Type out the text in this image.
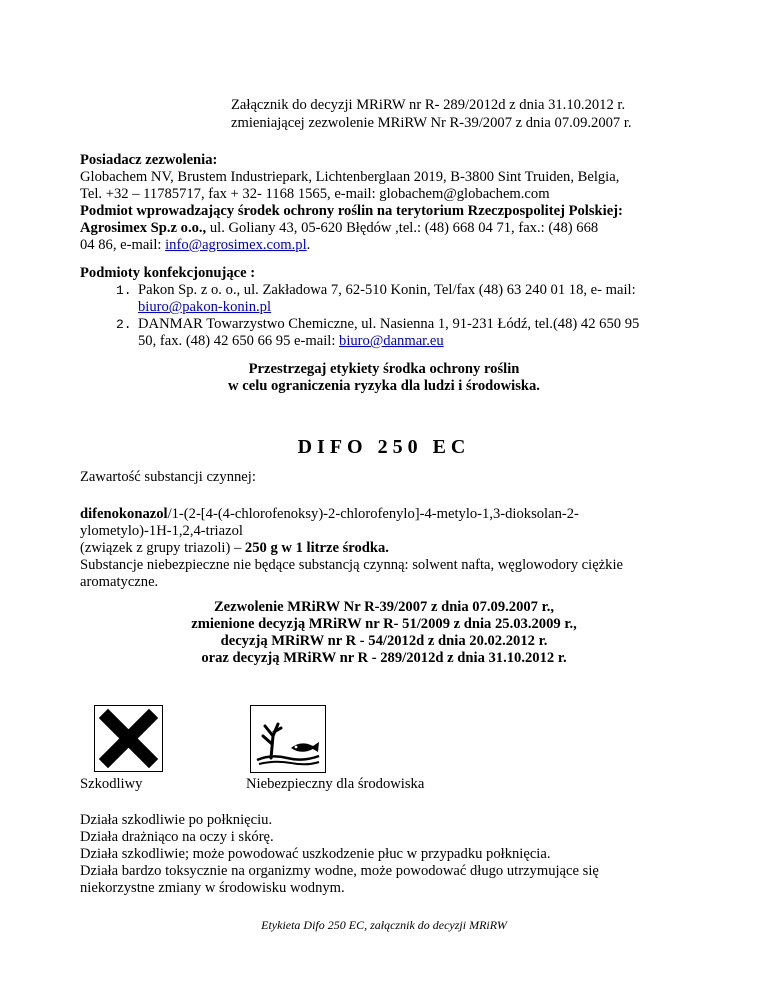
Załącznik do decyzji MRiRW nr R- 289/2012d z dnia 31.10.2012 r.
zmieniającej zezwolenie MRiRW Nr R-39/2007 z dnia 07.09.2007 r.
Posiadacz zezwolenia:
Globachem NV, Brustem Industriepark, Lichtenberglaan 2019, B-3800 Sint Truiden, Belgia,
Tel. +32 – 11785717, fax + 32- 1168 1565, e-mail: globachem@globachem.com
Podmiot wprowadzający środek ochrony roślin na terytorium Rzeczpospolitej Polskiej:
Agrosimex Sp.z o.o., ul. Goliany 43, 05-620 Błędów ,tel.: (48) 668 04 71, fax.: (48) 668
04 86, e-mail: info@agrosimex.com.pl.
Podmioty konfekcjonujące :
1. Pakon Sp. z o. o., ul. Zakładowa 7, 62-510 Konin, Tel/fax (48) 63 240 01 18, e- mail:
biuro@pakon-konin.pl
2. DANMAR Towarzystwo Chemiczne, ul. Nasienna 1, 91-231 Łódź, tel.(48) 42 650 95
50, fax. (48) 42 650 66 95 e-mail: biuro@danmar.eu
Przestrzegaj etykiety środka ochrony roślin
w celu ograniczenia ryzyka dla ludzi i środowiska.
DIFO 250 EC
Zawartość substancji czynnej:
difenokonazol/1-(2-[4-(4-chlorofenoksy)-2-chlorofenylo]-4-metylo-1,3-dioksolan-2-
ylometylo)-1H-1,2,4-triazol
(związek z grupy triazoli) – 250 g w 1 litrze środka.
Substancje niebezpieczne nie będące substancją czynną: solwent nafta, węglowodory ciężkie
aromatyczne.
Zezwolenie MRiRW Nr R-39/2007 z dnia 07.09.2007 r.,
zmienione decyzją MRiRW nr R- 51/2009 z dnia 25.03.2009 r.,
decyzją MRiRW nr R - 54/2012d z dnia 20.02.2012 r.
oraz decyzją MRiRW nr R - 289/2012d z dnia 31.10.2012 r.
Szkodliwy	Niebezpieczny dla środowiska
Działa szkodliwie po połknięciu.
Działa drażniąco na oczy i skórę.
Działa szkodliwie; może powodować uszkodzenie płuc w przypadku połknięcia.
Działa bardzo toksycznie na organizmy wodne, może powodować długo utrzymujące się
niekorzystne zmiany w środowisku wodnym.
Etykieta Difo 250 EC, załącznik do decyzji MRiRW
